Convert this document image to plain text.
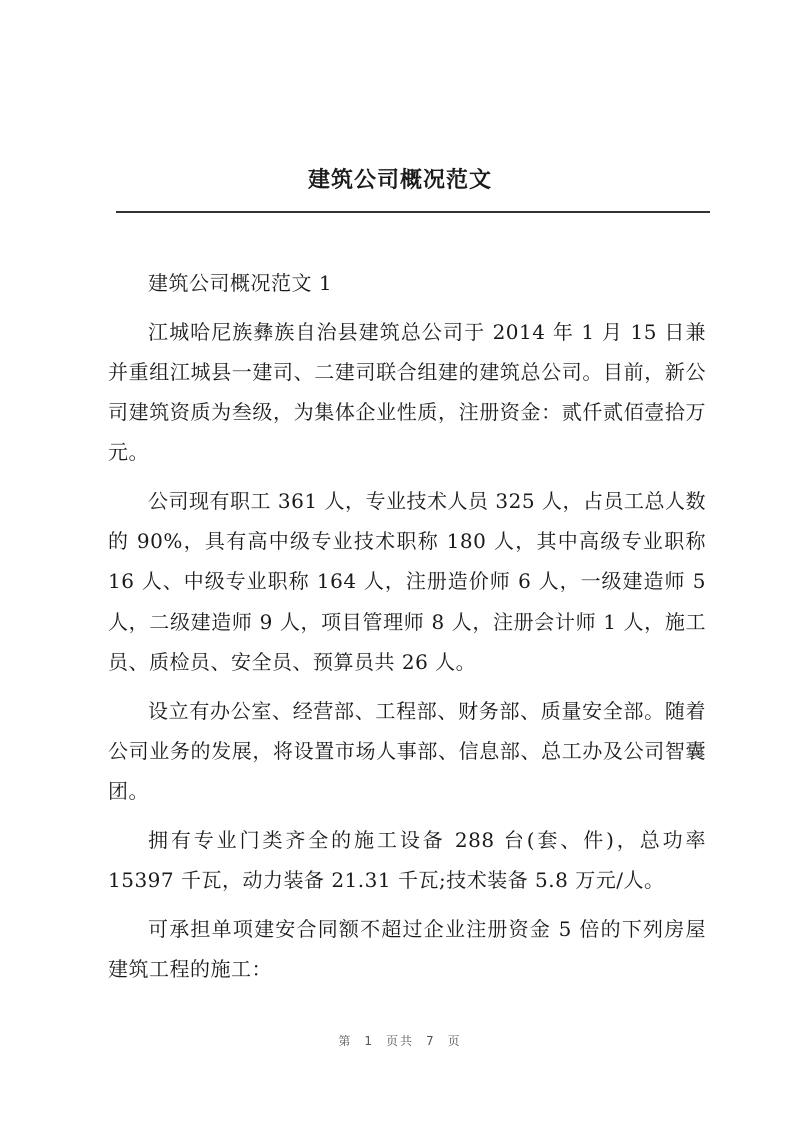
建筑公司概况范文

建筑公司概况范文 1

江城哈尼族彝族自治县建筑总公司于 2014 年 1 月 15 日兼并重组江城县一建司、二建司联合组建的建筑总公司。目前，新公司建筑资质为叁级，为集体企业性质，注册资金：贰仟贰佰壹拾万元。

公司现有职工 361 人，专业技术人员 325 人，占员工总人数的 90%，具有高中级专业技术职称 180 人，其中高级专业职称 16 人、中级专业职称 164 人，注册造价师 6 人，一级建造师 5 人，二级建造师 9 人，项目管理师 8 人，注册会计师 1 人，施工员、质检员、安全员、预算员共 26 人。

设立有办公室、经营部、工程部、财务部、质量安全部。随着公司业务的发展，将设置市场人事部、信息部、总工办及公司智囊团。

拥有专业门类齐全的施工设备 288 台(套、件)，总功率 15397 千瓦，动力装备 21.31 千瓦;技术装备 5.8 万元/人。

可承担单项建安合同额不超过企业注册资金 5 倍的下列房屋建筑工程的施工：

第 1 页共 7 页
